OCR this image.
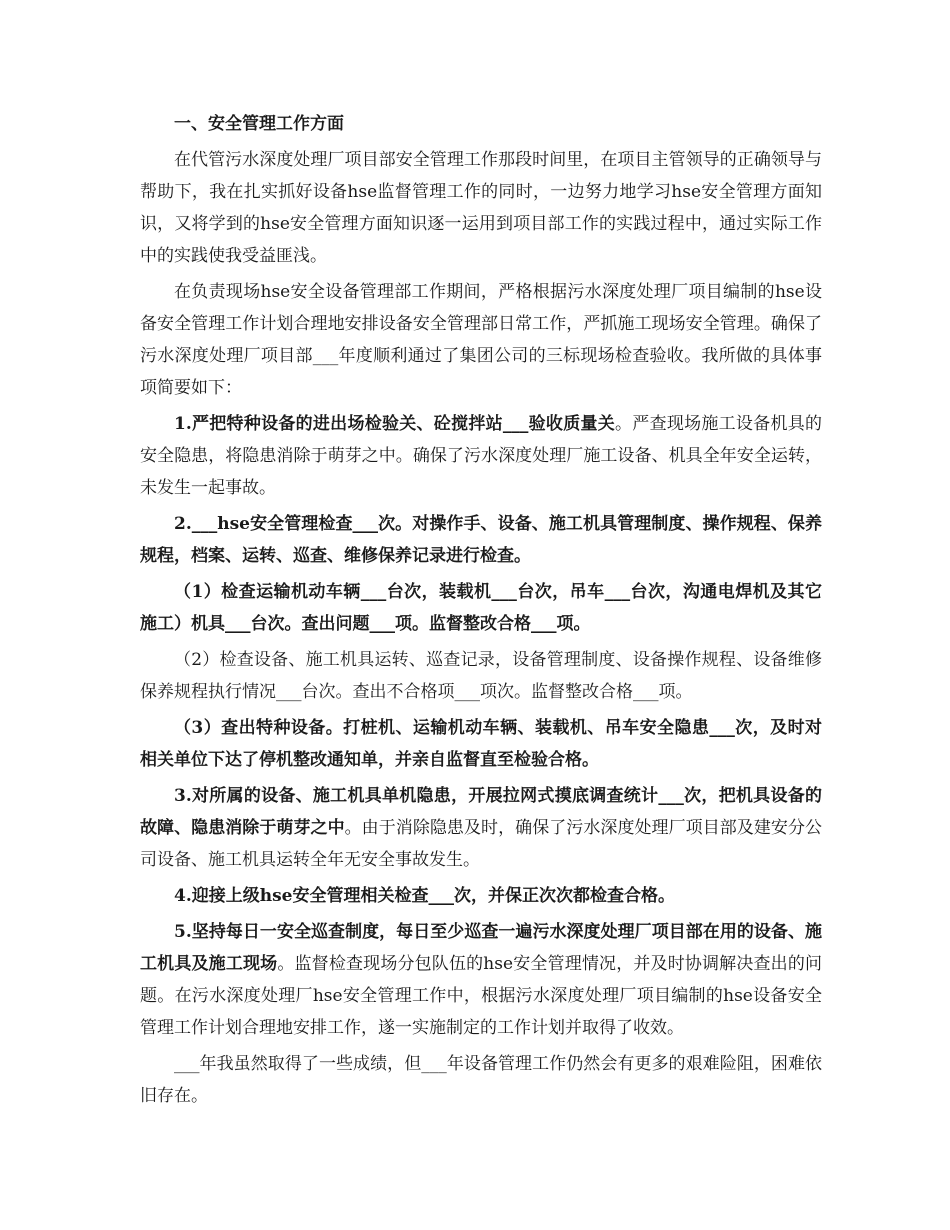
一、安全管理工作方面

在代管污水深度处理厂项目部安全管理工作那段时间里，在项目主管领导的正确领导与帮助下，我在扎实抓好设备hse监督管理工作的同时，一边努力地学习hse安全管理方面知识，又将学到的hse安全管理方面知识逐一运用到项目部工作的实践过程中，通过实际工作中的实践使我受益匪浅。

在负责现场hse安全设备管理部工作期间，严格根据污水深度处理厂项目编制的hse设备安全管理工作计划合理地安排设备安全管理部日常工作，严抓施工现场安全管理。确保了污水深度处理厂项目部___年度顺利通过了集团公司的三标现场检查验收。我所做的具体事项简要如下：

1.严把特种设备的进出场检验关、砼搅拌站___验收质量关。严查现场施工设备机具的安全隐患，将隐患消除于萌芽之中。确保了污水深度处理厂施工设备、机具全年安全运转，未发生一起事故。

2.___hse安全管理检查___次。对操作手、设备、施工机具管理制度、操作规程、保养规程，档案、运转、巡查、维修保养记录进行检查。

（1）检查运输机动车辆___台次，装载机___台次，吊车___台次，沟通电焊机及其它施工）机具___台次。查出问题___项。监督整改合格___项。

（2）检查设备、施工机具运转、巡查记录，设备管理制度、设备操作规程、设备维修保养规程执行情况___台次。查出不合格项___项次。监督整改合格___项。

（3）查出特种设备。打桩机、运输机动车辆、装载机、吊车安全隐患___次，及时对相关单位下达了停机整改通知单，并亲自监督直至检验合格。

3.对所属的设备、施工机具单机隐患，开展拉网式摸底调查统计___次，把机具设备的故障、隐患消除于萌芽之中。由于消除隐患及时，确保了污水深度处理厂项目部及建安分公司设备、施工机具运转全年无安全事故发生。

4.迎接上级hse安全管理相关检查___次，并保正次次都检查合格。

5.坚持每日一安全巡查制度，每日至少巡查一遍污水深度处理厂项目部在用的设备、施工机具及施工现场。监督检查现场分包队伍的hse安全管理情况，并及时协调解决查出的问题。在污水深度处理厂hse安全管理工作中，根据污水深度处理厂项目编制的hse设备安全管理工作计划合理地安排工作，遂一实施制定的工作计划并取得了收效。

___年我虽然取得了一些成绩，但___年设备管理工作仍然会有更多的艰难险阻，困难依旧存在。
